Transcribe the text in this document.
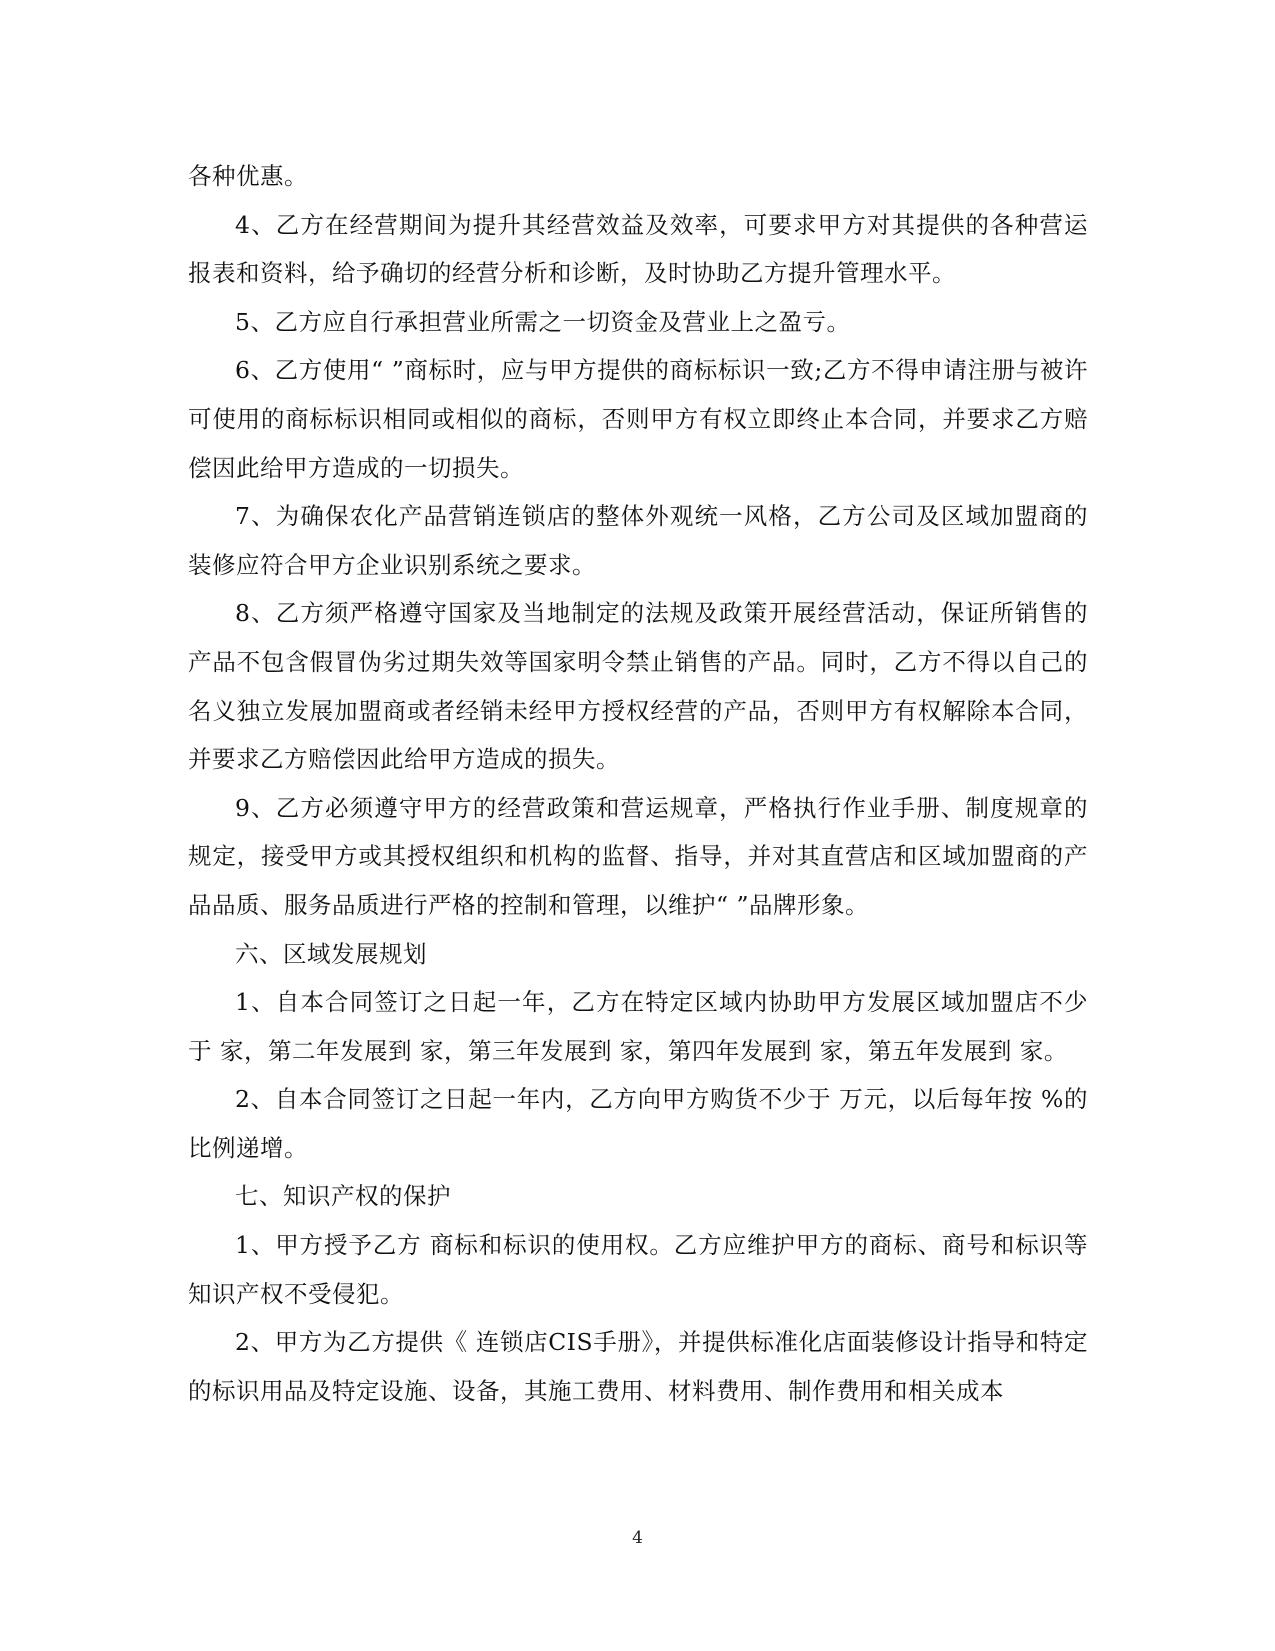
各种优惠。

4、乙方在经营期间为提升其经营效益及效率，可要求甲方对其提供的各种营运报表和资料，给予确切的经营分析和诊断，及时协助乙方提升管理水平。

5、乙方应自行承担营业所需之一切资金及营业上之盈亏。

6、乙方使用“ ”商标时，应与甲方提供的商标标识一致;乙方不得申请注册与被许可使用的商标标识相同或相似的商标，否则甲方有权立即终止本合同，并要求乙方赔偿因此给甲方造成的一切损失。

7、为确保农化产品营销连锁店的整体外观统一风格，乙方公司及区域加盟商的装修应符合甲方企业识别系统之要求。

8、乙方须严格遵守国家及当地制定的法规及政策开展经营活动，保证所销售的产品不包含假冒伪劣过期失效等国家明令禁止销售的产品。同时，乙方不得以自己的名义独立发展加盟商或者经销未经甲方授权经营的产品，否则甲方有权解除本合同，并要求乙方赔偿因此给甲方造成的损失。

9、乙方必须遵守甲方的经营政策和营运规章，严格执行作业手册、制度规章的规定，接受甲方或其授权组织和机构的监督、指导，并对其直营店和区域加盟商的产品品质、服务品质进行严格的控制和管理，以维护“ ”品牌形象。

六、区域发展规划

1、自本合同签订之日起一年，乙方在特定区域内协助甲方发展区域加盟店不少于 家，第二年发展到 家，第三年发展到 家，第四年发展到 家，第五年发展到 家。

2、自本合同签订之日起一年内，乙方向甲方购货不少于 万元，以后每年按 %的比例递增。

七、知识产权的保护

1、甲方授予乙方 商标和标识的使用权。乙方应维护甲方的商标、商号和标识等知识产权不受侵犯。

2、甲方为乙方提供《 连锁店CIS手册》，并提供标准化店面装修设计指导和特定的标识用品及特定设施、设备，其施工费用、材料费用、制作费用和相关成本

4
